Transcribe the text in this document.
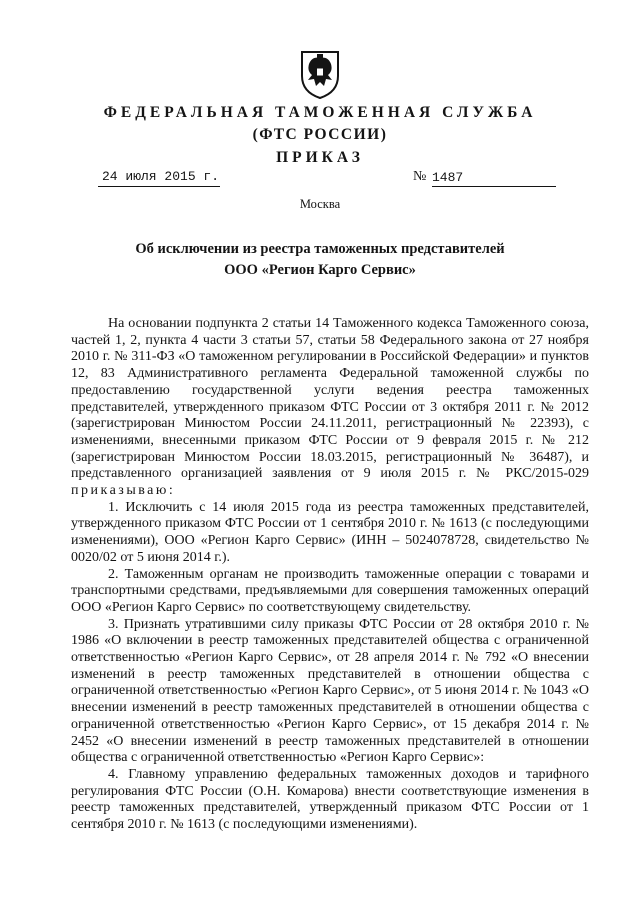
ФЕДЕРАЛЬНАЯ ТАМОЖЕННАЯ СЛУЖБА
(ФТС РОССИИ)
ПРИКАЗ
24 июля 2015 г.	№ 1487
Москва
Об исключении из реестра таможенных представителей
ООО «Регион Карго Сервис»

На основании подпункта 2 статьи 14 Таможенного кодекса Таможенного союза, частей 1, 2, пункта 4 части 3 статьи 57, статьи 58 Федерального закона от 27 ноября 2010 г. № 311-ФЗ «О таможенном регулировании в Российской Федерации» и пунктов 12, 83 Административного регламента Федеральной таможенной службы по предоставлению государственной услуги ведения реестра таможенных представителей, утвержденного приказом ФТС России от 3 октября 2011 г. № 2012 (зарегистрирован Минюстом России 24.11.2011, регистрационный № 22393), с изменениями, внесенными приказом ФТС России от 9 февраля 2015 г. № 212 (зарегистрирован Минюстом России 18.03.2015, регистрационный № 36487), и представленного организацией заявления от 9 июля 2015 г. № РКС/2015-029 приказываю:

1. Исключить с 14 июля 2015 года из реестра таможенных представителей, утвержденного приказом ФТС России от 1 сентября 2010 г. № 1613 (с последующими изменениями), ООО «Регион Карго Сервис» (ИНН – 5024078728, свидетельство № 0020/02 от 5 июня 2014 г.).

2. Таможенным органам не производить таможенные операции с товарами и транспортными средствами, предъявляемыми для совершения таможенных операций ООО «Регион Карго Сервис» по соответствующему свидетельству.

3. Признать утратившими силу приказы ФТС России от 28 октября 2010 г. № 1986 «О включении в реестр таможенных представителей общества с ограниченной ответственностью «Регион Карго Сервис», от 28 апреля 2014 г. № 792 «О внесении изменений в реестр таможенных представителей в отношении общества с ограниченной ответственностью «Регион Карго Сервис», от 5 июня 2014 г. № 1043 «О внесении изменений в реестр таможенных представителей в отношении общества с ограниченной ответственностью «Регион Карго Сервис», от 15 декабря 2014 г. № 2452 «О внесении изменений в реестр таможенных представителей в отношении общества с ограниченной ответственностью «Регион Карго Сервис»:

4. Главному управлению федеральных таможенных доходов и тарифного регулирования ФТС России (О.Н. Комарова) внести соответствующие изменения в реестр таможенных представителей, утвержденный приказом ФТС России от 1 сентября 2010 г. № 1613 (с последующими изменениями).
